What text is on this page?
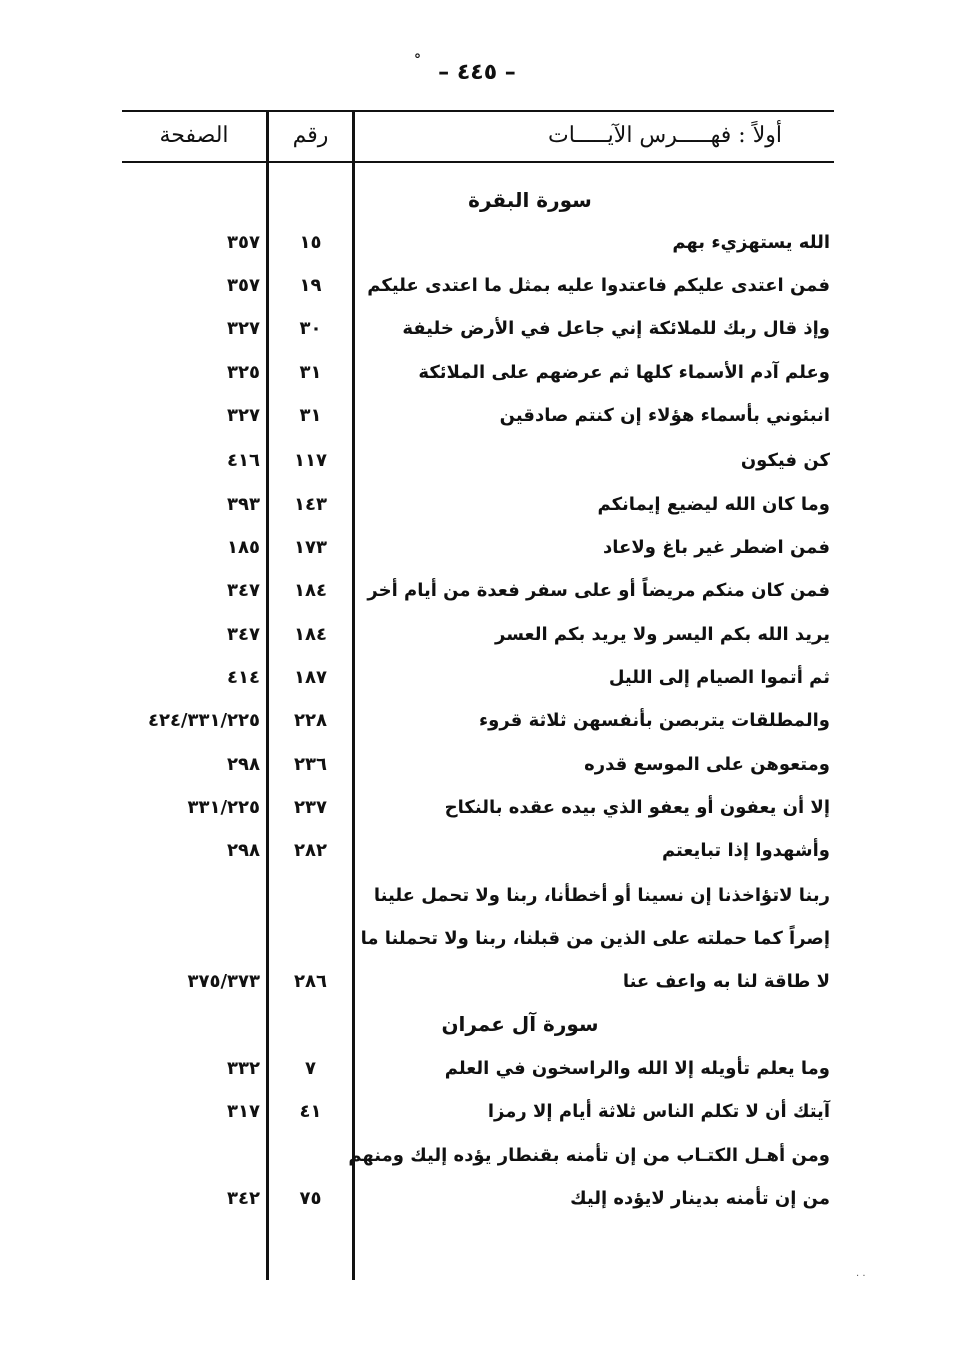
– ٤٤٥ –
°
أولاً : فهـــــرس الآيـــــات
رقم
الصفحة
سورة البقرة
الله يستهزيء بهم
١٥
٣٥٧
فمن اعتدى عليكم فاعتدوا عليه بمثل ما اعتدى عليكم
١٩
٣٥٧
وإذ قال ربك للملائكة إني جاعل في الأرض خليفة
٣٠
٣٢٧
وعلم آدم الأسماء كلها ثم عرضهم على الملائكة
٣١
٣٢٥
انبئوني بأسماء هؤلاء إن كنتم صادقين
٣١
٣٢٧
كن فيكون
١١٧
٤١٦
وما كان الله ليضيع إيمانكم
١٤٣
٣٩٣
فمن اضطر غير باغ ولاعاد
١٧٣
١٨٥
فمن كان منكم مريضاً أو على سفر فعدة من أيام أخر
١٨٤
٣٤٧
يريد الله بكم اليسر ولا يريد بكم العسر
١٨٤
٣٤٧
ثم أتموا الصيام إلى الليل
١٨٧
٤١٤
والمطلقات يتربصن بأنفسهن ثلاثة قروء
٢٢٨
٤٢٤/٣٣١/٢٢٥
ومتعوهن على الموسع قدره
٢٣٦
٢٩٨
إلا أن يعفون أو يعفو الذي بيده عقده بالنكاح
٢٣٧
٣٣١/٢٢٥
وأشهدوا إذا تبايعتم
٢٨٢
٢٩٨
ربنا لاتؤاخذنا إن نسينا أو أخطأنا، ربنا ولا تحمل علينا
إصراً كما حملته على الذين من قبلنا، ربنا ولا تحملنا ما
لا طاقة لنا به واعف عنا
٢٨٦
٣٧٥/٣٧٣
سورة آل عمران
وما يعلم تأويله إلا الله والراسخون في العلم
٧
٣٣٢
آيتك أن لا تكلم الناس ثلاثة أيام إلا رمزا
٤١
٣١٧
ومن أهـل الكتـاب من إن تأمنه بقنطار يؤده إليك ومنهم
من إن تأمنه بدينار لايؤده إليك
٧٥
٣٤٢
. .
